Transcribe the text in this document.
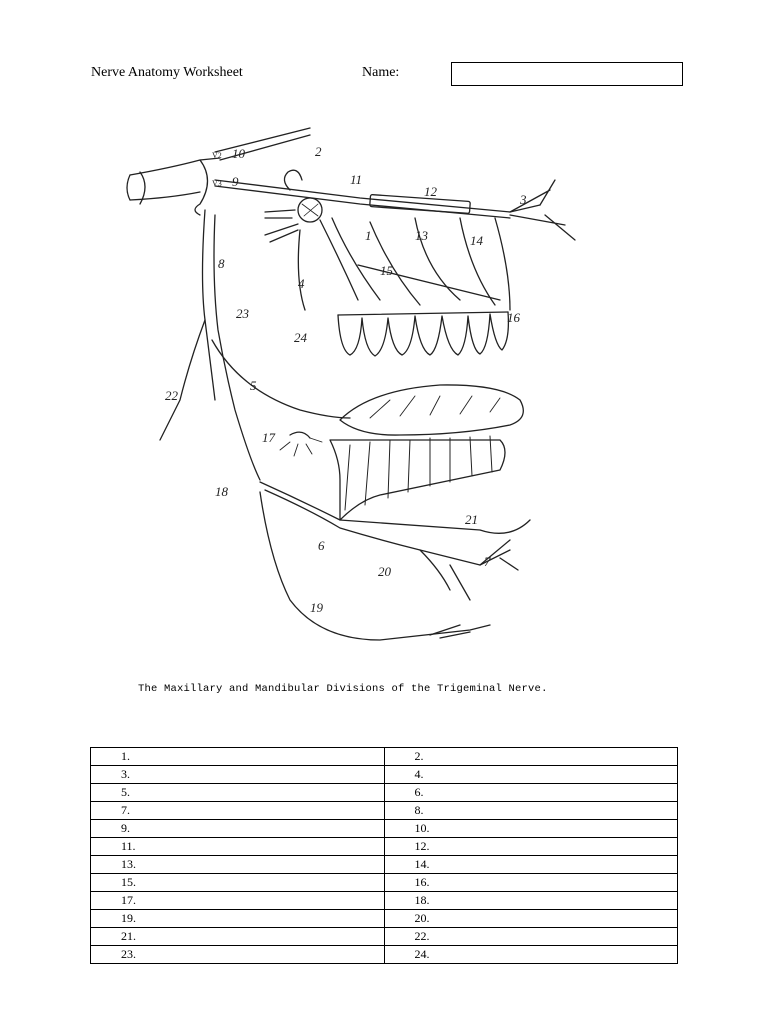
Nerve Anatomy Worksheet	Name:
V2
V3
10	2
9	11
12
3
1	13	14
15
8
4
23
24
16
5
22
17
18
21
6
20
7
19
The Maxillary and Mandibular Divisions of the Trigeminal Nerve.
1.	2.
3.	4.
5.	6.
7.	8.
9.	10.
11.	12.
13.	14.
15.	16.
17.	18.
19.	20.
21.	22.
23.	24.
